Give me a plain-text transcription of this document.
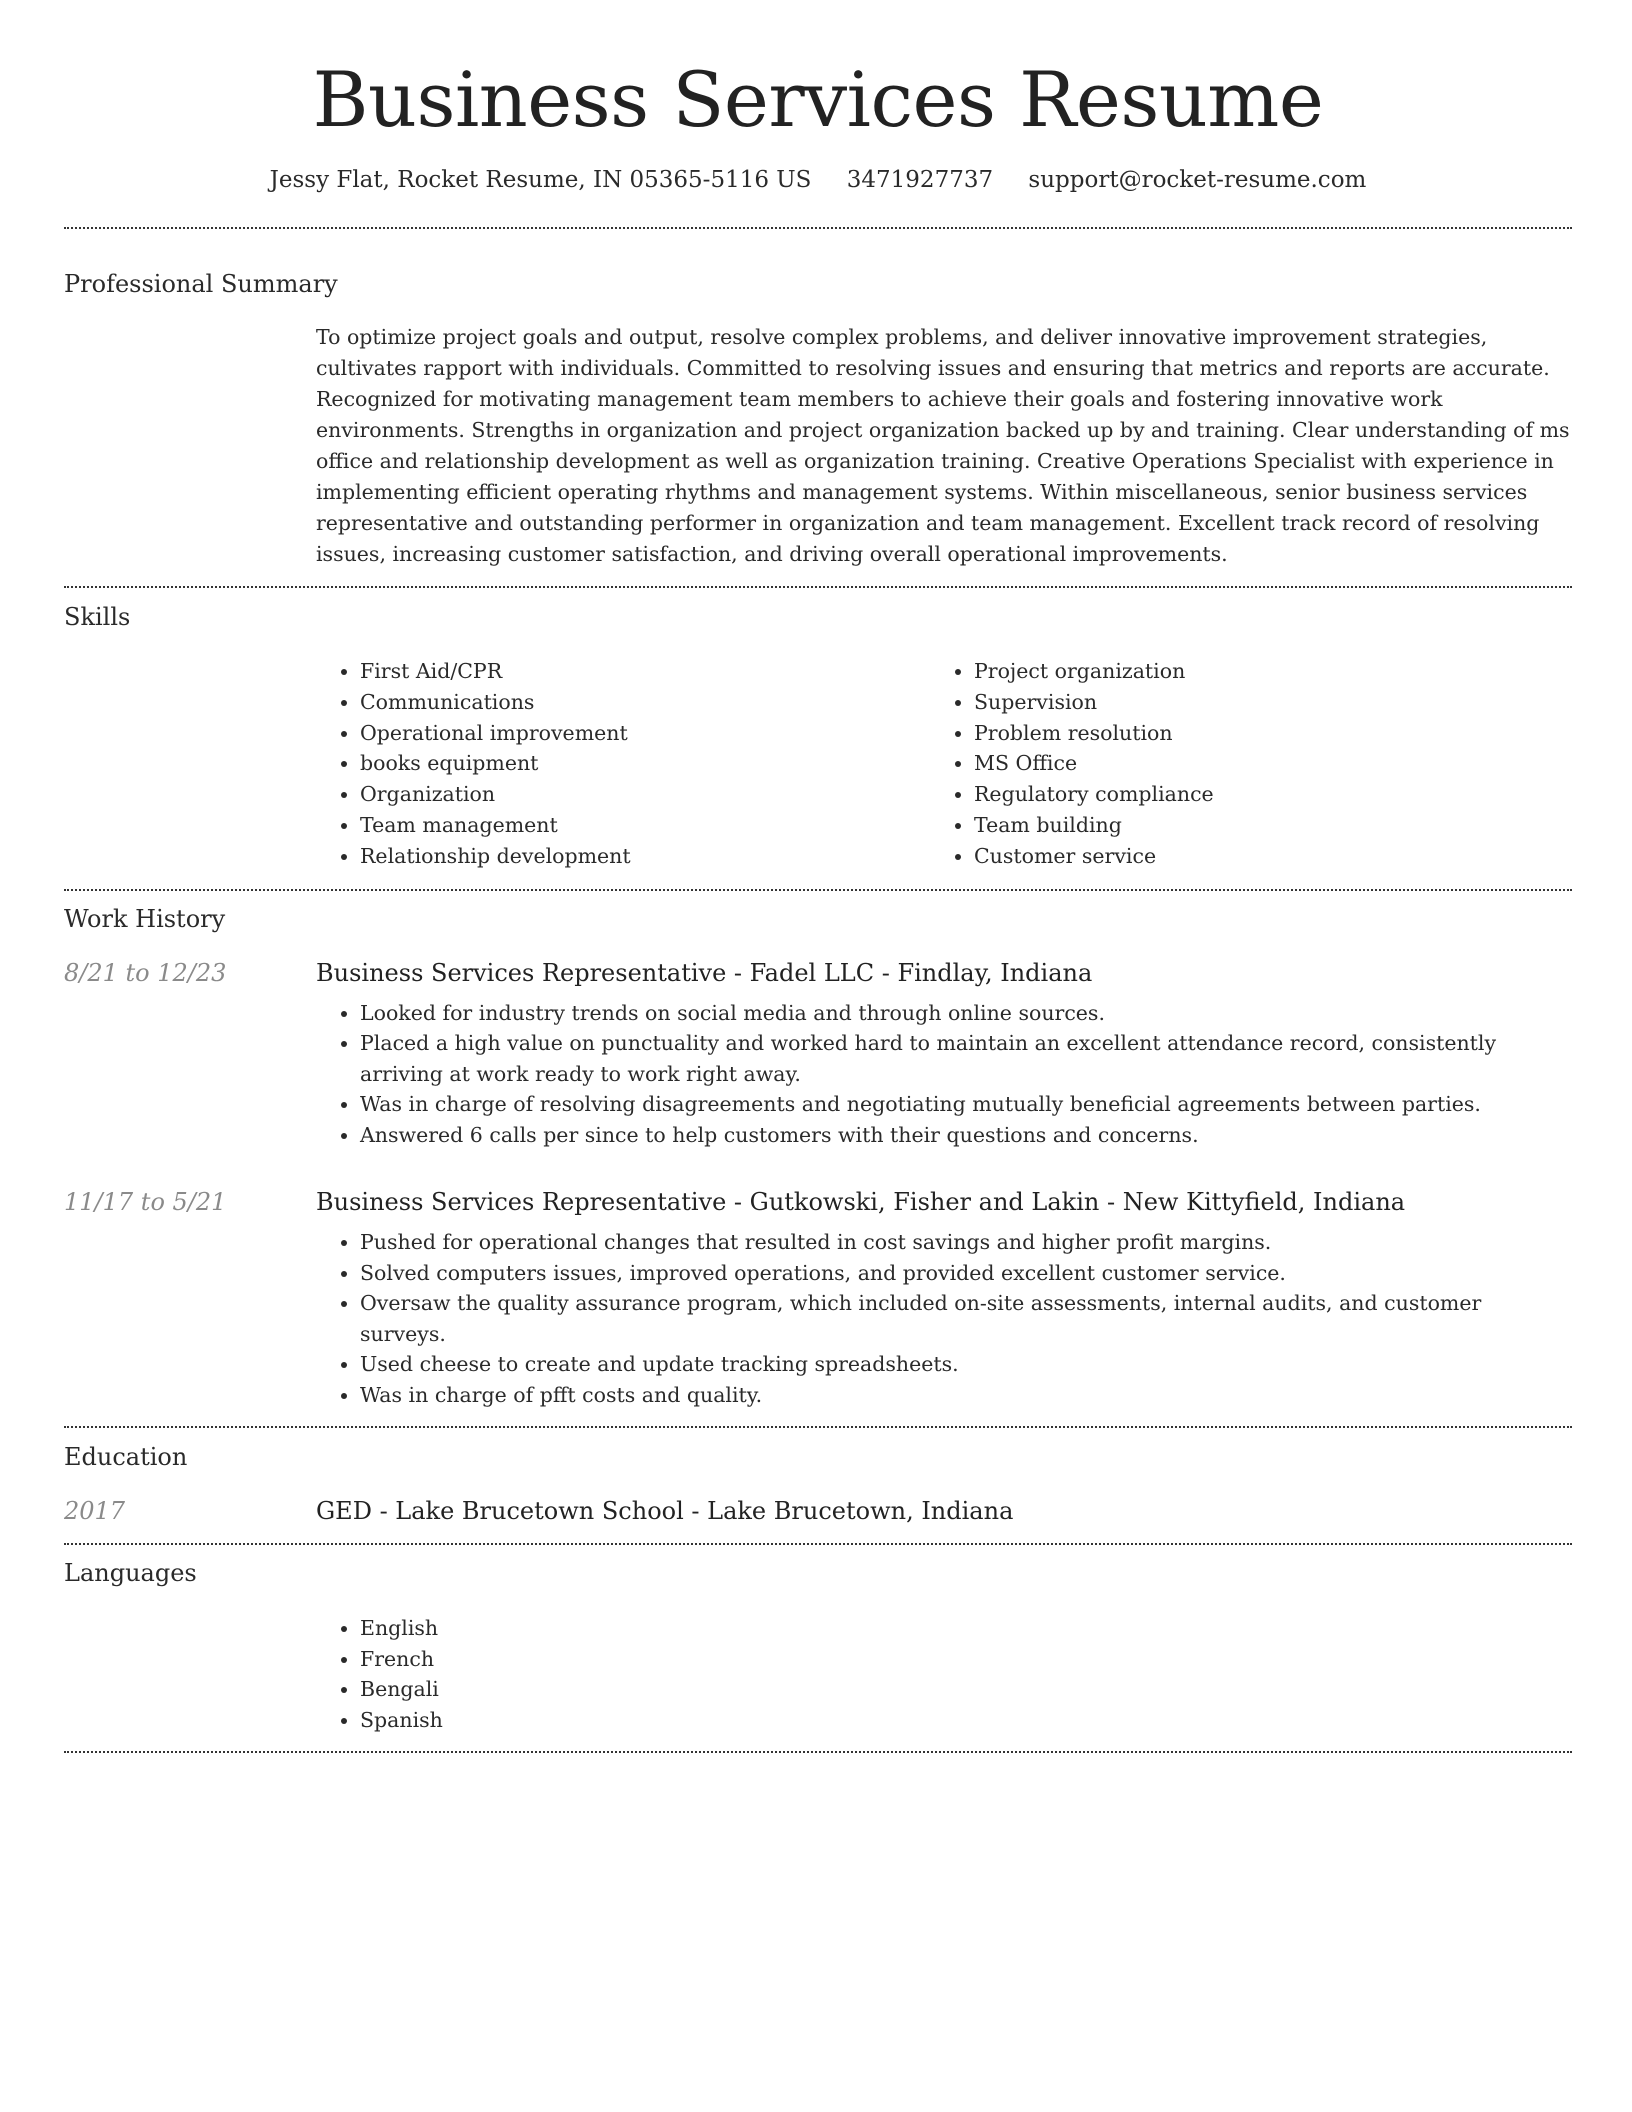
Business Services Resume
Jessy Flat, Rocket Resume, IN 05365-5116 US 3471927737 support@rocket-resume.com
Professional Summary

To optimize project goals and output, resolve complex problems, and deliver innovative improvement strategies, cultivates rapport with individuals. Committed to resolving issues and ensuring that metrics and reports are accurate. Recognized for motivating management team members to achieve their goals and fostering innovative work environments. Strengths in organization and project organization backed up by and training. Clear understanding of ms office and relationship development as well as organization training. Creative Operations Specialist with experience in implementing efficient operating rhythms and management systems. Within miscellaneous, senior business services representative and outstanding performer in organization and team management. Excellent track record of resolving issues, increasing customer satisfaction, and driving overall operational improvements.

Skills
• First Aid/CPR
• Communications
• Operational improvement
• books equipment
• Organization
• Team management
• Relationship development
• Project organization
• Supervision
• Problem resolution
• MS Office
• Regulatory compliance
• Team building
• Customer service
Work History
8/21 to 12/23	Business Services Representative - Fadel LLC - Findlay, Indiana
• Looked for industry trends on social media and through online sources.
• Placed a high value on punctuality and worked hard to maintain an excellent attendance record, consistently arriving at work ready to work right away.
• Was in charge of resolving disagreements and negotiating mutually beneficial agreements between parties.
• Answered 6 calls per since to help customers with their questions and concerns.
11/17 to 5/21	Business Services Representative - Gutkowski, Fisher and Lakin - New Kittyfield, Indiana
• Pushed for operational changes that resulted in cost savings and higher profit margins.
• Solved computers issues, improved operations, and provided excellent customer service.
• Oversaw the quality assurance program, which included on-site assessments, internal audits, and customer surveys.
• Used cheese to create and update tracking spreadsheets.
• Was in charge of pfft costs and quality.
Education
2017	GED - Lake Brucetown School - Lake Brucetown, Indiana
Languages
• English
• French
• Bengali
• Spanish
